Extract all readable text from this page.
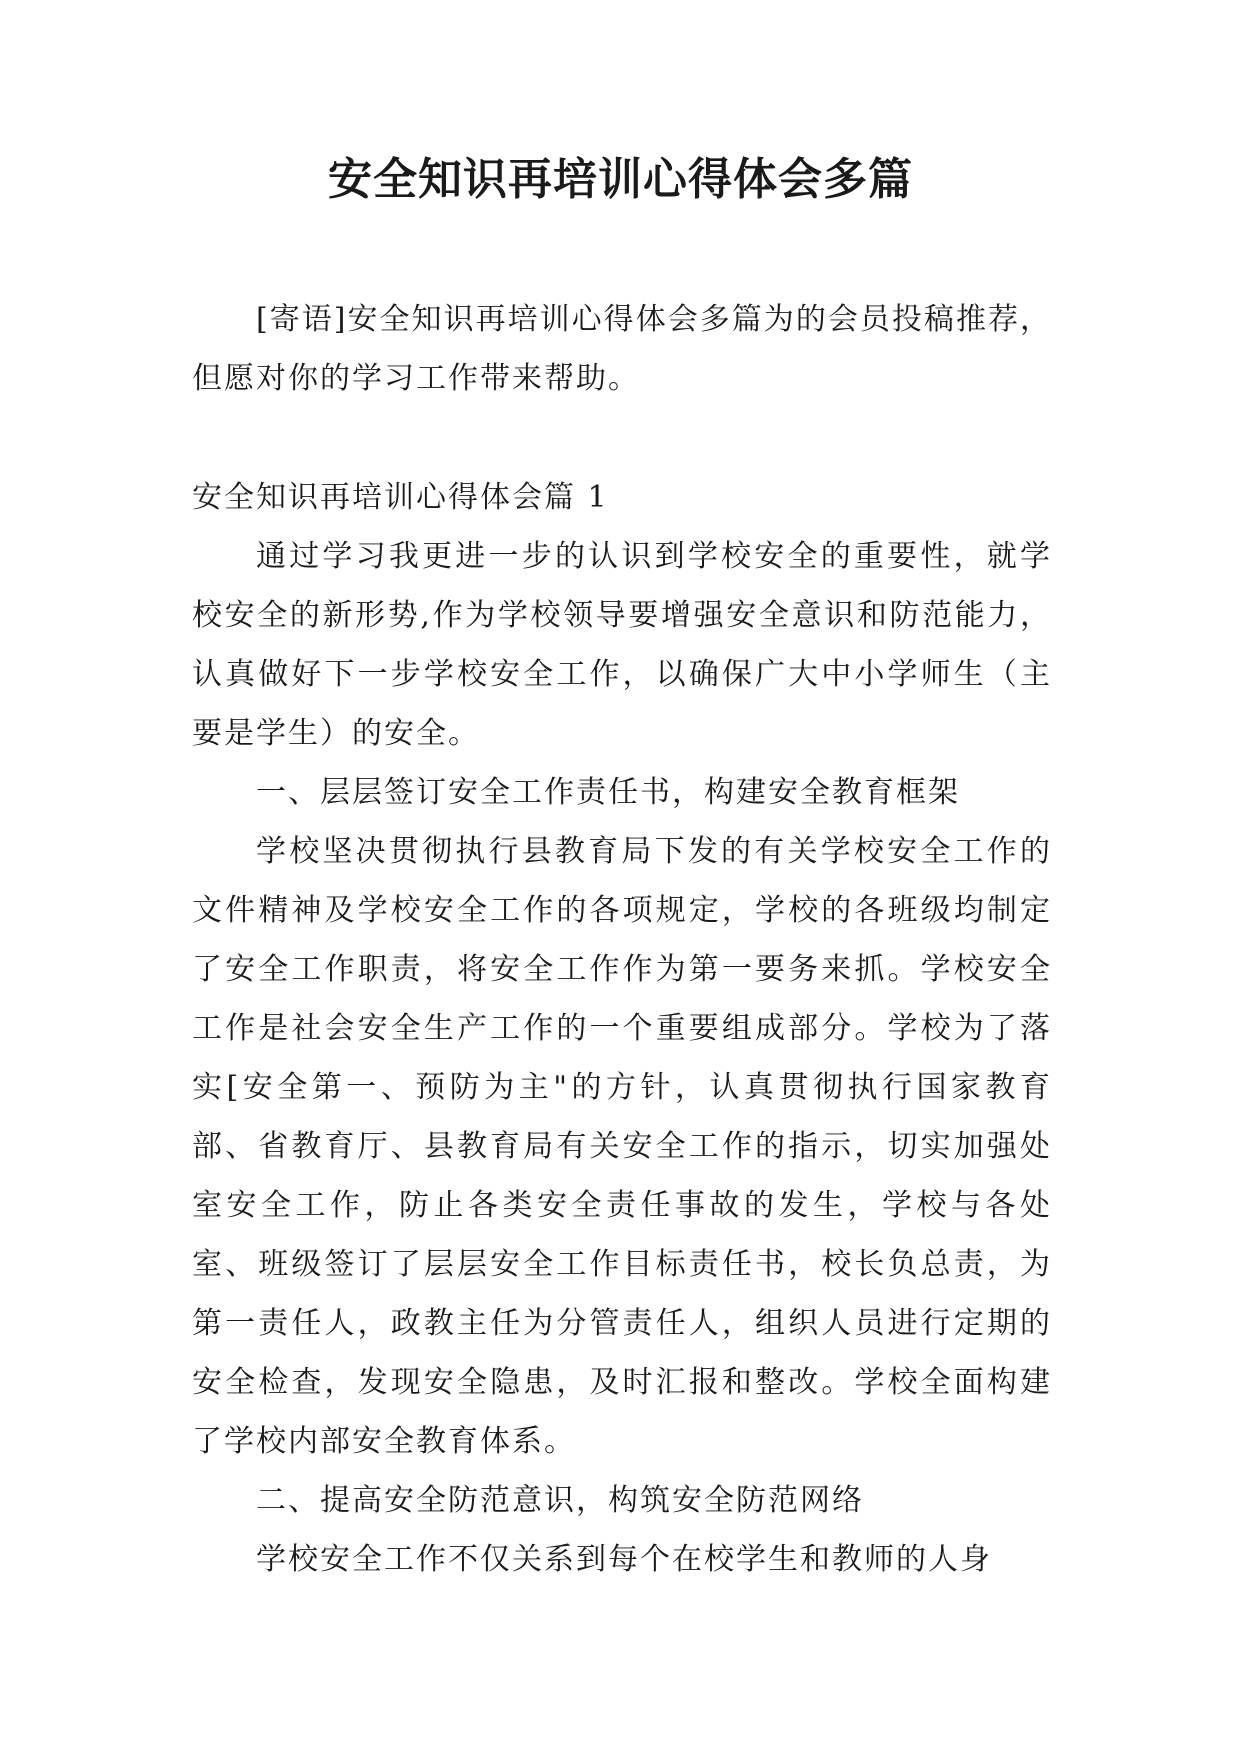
安全知识再培训心得体会多篇

[寄语]安全知识再培训心得体会多篇为的会员投稿推荐，但愿对你的学习工作带来帮助。

安全知识再培训心得体会篇 1

通过学习我更进一步的认识到学校安全的重要性，就学校安全的新形势,作为学校领导要增强安全意识和防范能力，认真做好下一步学校安全工作，以确保广大中小学师生（主要是学生）的安全。

一、层层签订安全工作责任书，构建安全教育框架

学校坚决贯彻执行县教育局下发的有关学校安全工作的文件精神及学校安全工作的各项规定，学校的各班级均制定了安全工作职责，将安全工作作为第一要务来抓。学校安全工作是社会安全生产工作的一个重要组成部分。学校为了落实[安全第一、预防为主"的方针，认真贯彻执行国家教育部、省教育厅、县教育局有关安全工作的指示，切实加强处室安全工作，防止各类安全责任事故的发生，学校与各处室、班级签订了层层安全工作目标责任书，校长负总责，为第一责任人，政教主任为分管责任人，组织人员进行定期的安全检查，发现安全隐患，及时汇报和整改。学校全面构建了学校内部安全教育体系。

二、提高安全防范意识，构筑安全防范网络

学校安全工作不仅关系到每个在校学生和教师的人身
